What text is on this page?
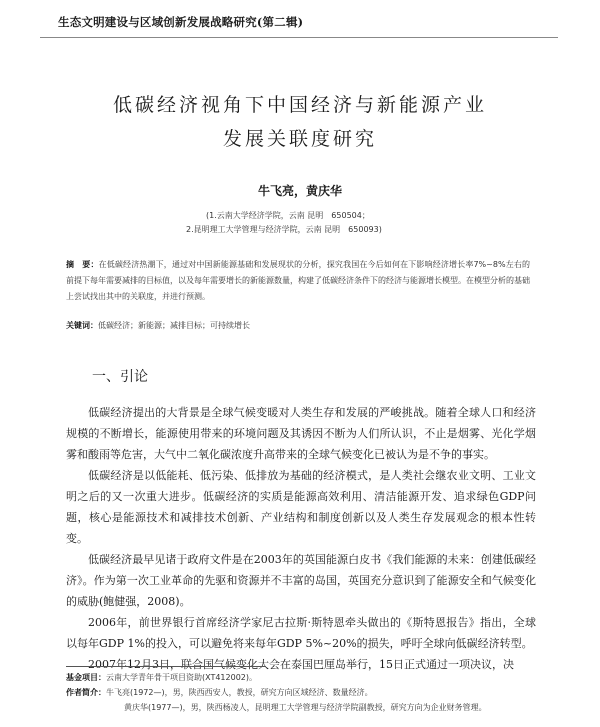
生态文明建设与区域创新发展战略研究(第二辑)
低碳经济视角下中国经济与新能源产业
发展关联度研究
牛飞亮，黄庆华
(1.云南大学经济学院，云南 昆明　650504；
2.昆明理工大学管理与经济学院，云南 昆明　650093)
摘　要：在低碳经济热潮下，通过对中国新能源基础和发展现状的分析，探究我国在今后如何在下影响经济增长率7%~8%左右的前提下每年需要减排的目标值，以及每年需要增长的新能源数量，构建了低碳经济条件下的经济与能源增长模型。在模型分析的基础上尝试找出其中的关联度，并进行预测。
关键词：低碳经济；新能源；减排目标；可持续增长
一、引论

低碳经济提出的大背景是全球气候变暖对人类生存和发展的严峻挑战。随着全球人口和经济规模的不断增长，能源使用带来的环境问题及其诱因不断为人们所认识，不止是烟雾、光化学烟雾和酸雨等危害，大气中二氧化碳浓度升高带来的全球气候变化已被认为是不争的事实。

低碳经济是以低能耗、低污染、低排放为基础的经济模式，是人类社会继农业文明、工业文明之后的又一次重大进步。低碳经济的实质是能源高效利用、清洁能源开发、追求绿色GDP问题，核心是能源技术和减排技术创新、产业结构和制度创新以及人类生存发展观念的根本性转变。

低碳经济最早见诸于政府文件是在2003年的英国能源白皮书《我们能源的未来：创建低碳经济》。作为第一次工业革命的先驱和资源并不丰富的岛国，英国充分意识到了能源安全和气候变化的威胁(鲍健强，2008)。

2006年，前世界银行首席经济学家尼古拉斯·斯特恩牵头做出的《斯特恩报告》指出，全球以每年GDP 1%的投入，可以避免将来每年GDP 5%~20%的损失，呼吁全球向低碳经济转型。

2007年12月3日，联合国气候变化大会在泰国巴厘岛举行，15日正式通过一项决议，决

基金项目：云南大学青年骨干项目资助(XT412002)。
作者简介：牛飞亮(1972—)，男，陕西西安人，教授，研究方向区域经济、数量经济。
黄庆华(1977—)，男，陕西杨凌人，昆明理工大学管理与经济学院副教授，研究方向为企业财务管理。
